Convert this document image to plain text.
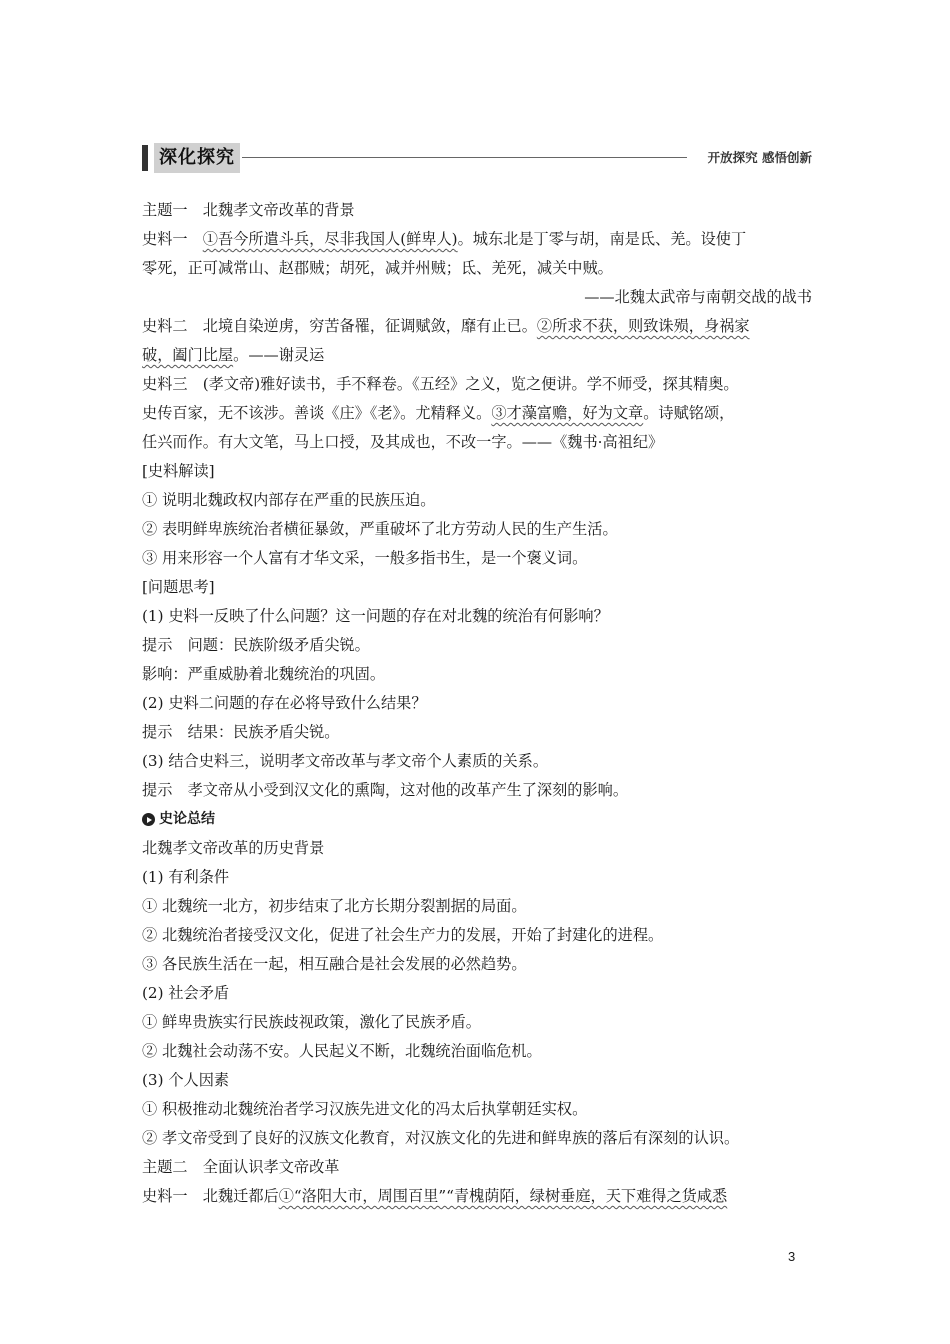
深化探究	开放探究 感悟创新
主题一　北魏孝文帝改革的背景
史料一　①吾今所遣斗兵，尽非我国人(鲜卑人)。城东北是丁零与胡，南是氐、羌。设使丁
零死，正可减常山、赵郡贼；胡死，减并州贼；氐、羌死，减关中贼。
——北魏太武帝与南朝交战的战书
史料二　北境自染逆虏，穷苦备罹，征调赋敛，靡有止已。②所求不获，则致诛殒，身祸家
破，阖门比屋。——谢灵运
史料三　(孝文帝)雅好读书，手不释卷。《五经》之义，览之便讲。学不师受，探其精奥。
史传百家，无不该涉。善谈《庄》《老》。尤精释义。③才藻富赡，好为文章。诗赋铭颂，
任兴而作。有大文笔，马上口授，及其成也，不改一字。——《魏书·高祖纪》
[史料解读]
① 说明北魏政权内部存在严重的民族压迫。
② 表明鲜卑族统治者横征暴敛，严重破坏了北方劳动人民的生产生活。
③ 用来形容一个人富有才华文采，一般多指书生，是一个褒义词。
[问题思考]
(1) 史料一反映了什么问题？这一问题的存在对北魏的统治有何影响？
提示　问题：民族阶级矛盾尖锐。
影响：严重威胁着北魏统治的巩固。
(2) 史料二问题的存在必将导致什么结果？
提示　结果：民族矛盾尖锐。
(3) 结合史料三，说明孝文帝改革与孝文帝个人素质的关系。
提示　孝文帝从小受到汉文化的熏陶，这对他的改革产生了深刻的影响。
史论总结
北魏孝文帝改革的历史背景
(1) 有利条件
① 北魏统一北方，初步结束了北方长期分裂割据的局面。
② 北魏统治者接受汉文化，促进了社会生产力的发展，开始了封建化的进程。
③ 各民族生活在一起，相互融合是社会发展的必然趋势。
(2) 社会矛盾
① 鲜卑贵族实行民族歧视政策，激化了民族矛盾。
② 北魏社会动荡不安。人民起义不断，北魏统治面临危机。
(3) 个人因素
① 积极推动北魏统治者学习汉族先进文化的冯太后执掌朝廷实权。
② 孝文帝受到了良好的汉族文化教育，对汉族文化的先进和鲜卑族的落后有深刻的认识。
主题二　全面认识孝文帝改革
史料一　北魏迁都后①“洛阳大市，周围百里”“青槐荫陌，绿树垂庭，天下难得之货咸悉
3
